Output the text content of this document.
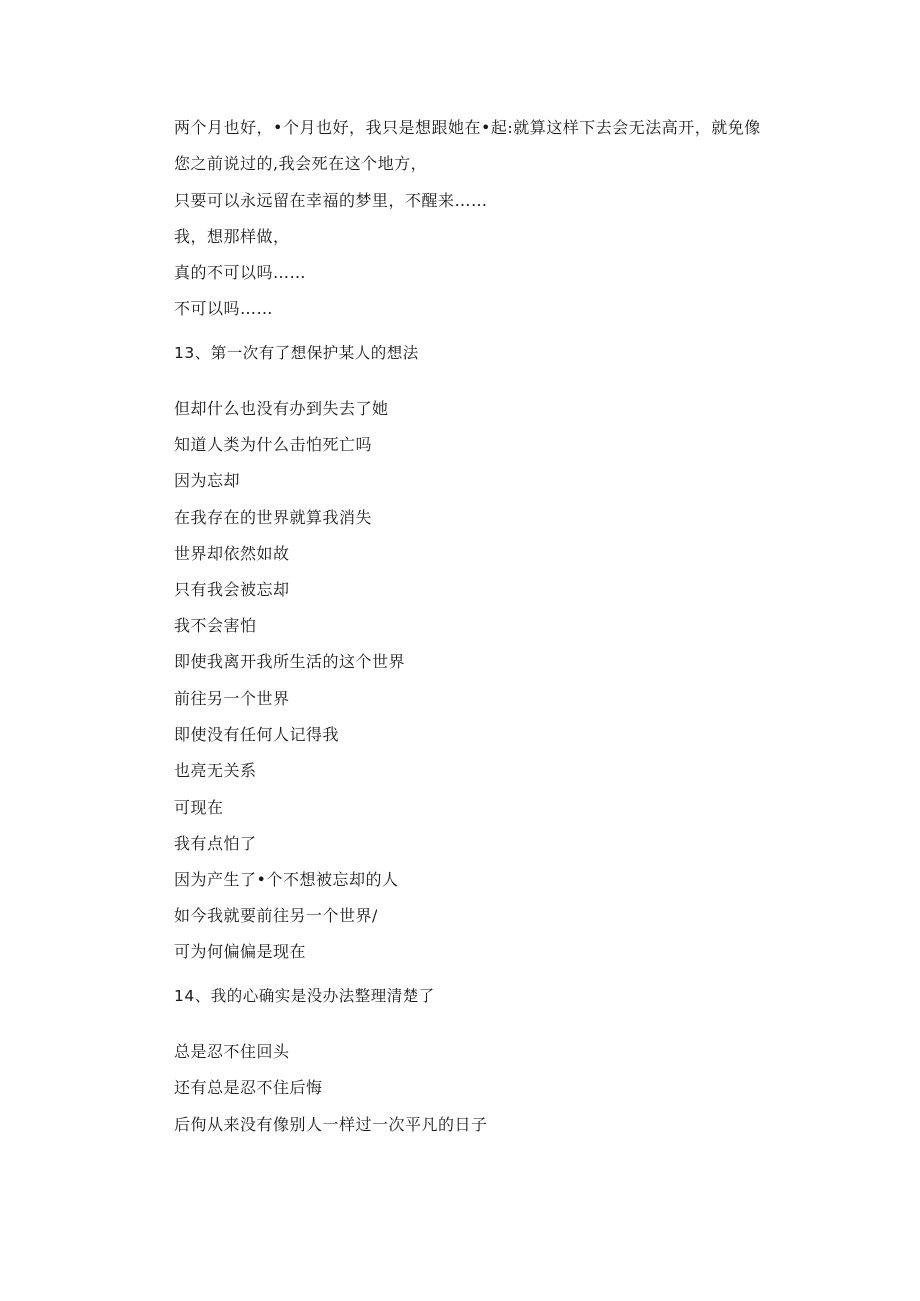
两个月也好，•个月也好，我只是想跟她在•起:就算这样下去会无法高开，就免像
您之前说过的,我会死在这个地方，
只要可以永远留在幸福的梦里，不醒来……
我，想那样做，
真的不可以吗……
不可以吗……
13、第一次有了想保护某人的想法
但却什么也没有办到失去了她
知道人类为什么击怕死亡吗
因为忘却
在我存在的世界就算我消失
世界却依然如故
只有我会被忘却
我不会害怕
即使我离开我所生活的这个世界
前往另一个世界
即使没有任何人记得我
也亮无关系
可现在
我有点怕了
因为产生了•个不想被忘却的人
如今我就要前往另一个世界/
可为何偏偏是现在
14、我的心确实是没办法整理清楚了
总是忍不住回头
还有总是忍不住后悔
后佝从来没有像别人一样过一次平凡的日子
